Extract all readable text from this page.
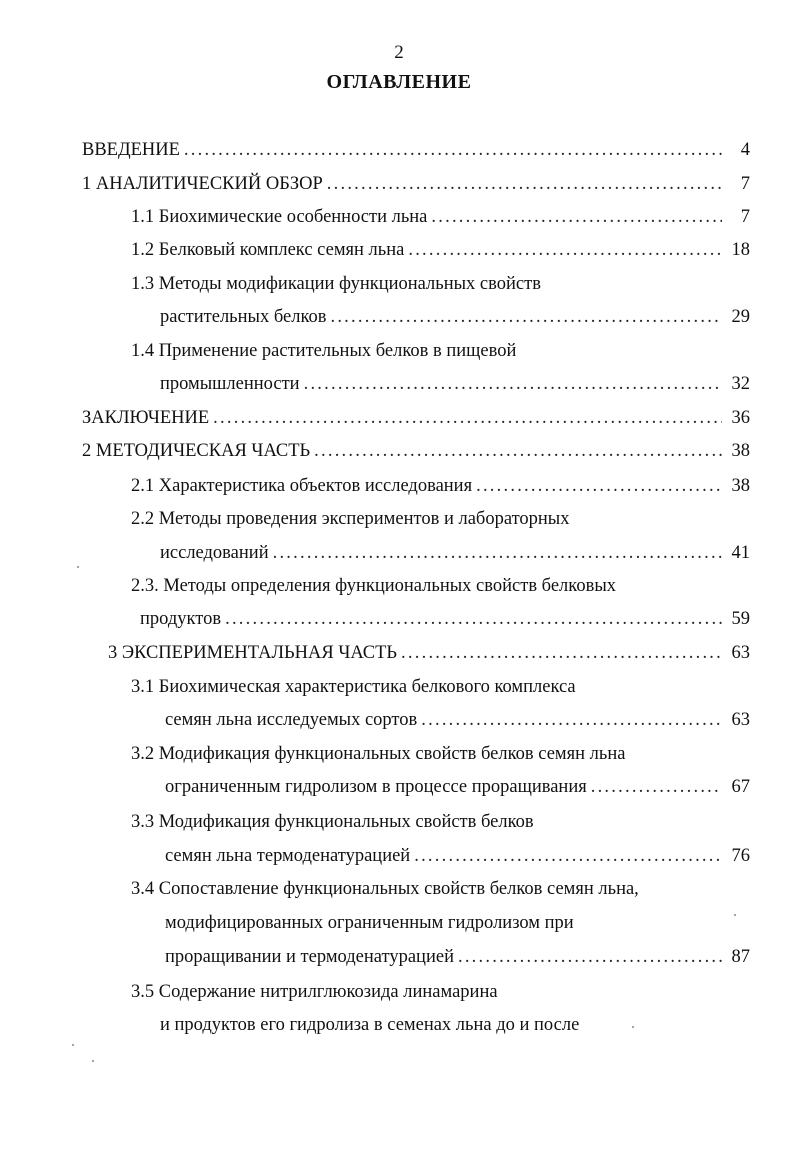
2
ОГЛАВЛЕНИЕ
ВВЕДЕНИЕ . . .	4
1 АНАЛИТИЧЕСКИЙ ОБЗОР . . .	7
1.1 Биохимические особенности льна . . .	7
1.2 Белковый комплекс семян льна . . .	18
1.3 Методы модификации функциональных свойств
растительных белков . . .	29
1.4 Применение растительных белков в пищевой
промышленности . . .	32
ЗАКЛЮЧЕНИЕ . . .	36
2 МЕТОДИЧЕСКАЯ ЧАСТЬ . . .	38
2.1 Характеристика объектов исследования . . .	38
2.2 Методы проведения экспериментов и лабораторных
исследований . . .	41
2.3. Методы определения функциональных свойств белковых
продуктов . . .	59
3 ЭКСПЕРИМЕНТАЛЬНАЯ ЧАСТЬ . . .	63
3.1 Биохимическая характеристика белкового комплекса
семян льна исследуемых сортов . . .	63
3.2 Модификация функциональных свойств белков семян льна
ограниченным гидролизом в процессе проращивания . . .	67
3.3 Модификация функциональных свойств белков
семян льна термоденатурацией . . .	76
3.4 Сопоставление функциональных свойств белков семян льна,
модифицированных ограниченным гидролизом при
проращивании и термоденатурацией . . .	87
3.5 Содержание нитрилглюкозида линамарина
и продуктов его гидролиза в семенах льна до и после
